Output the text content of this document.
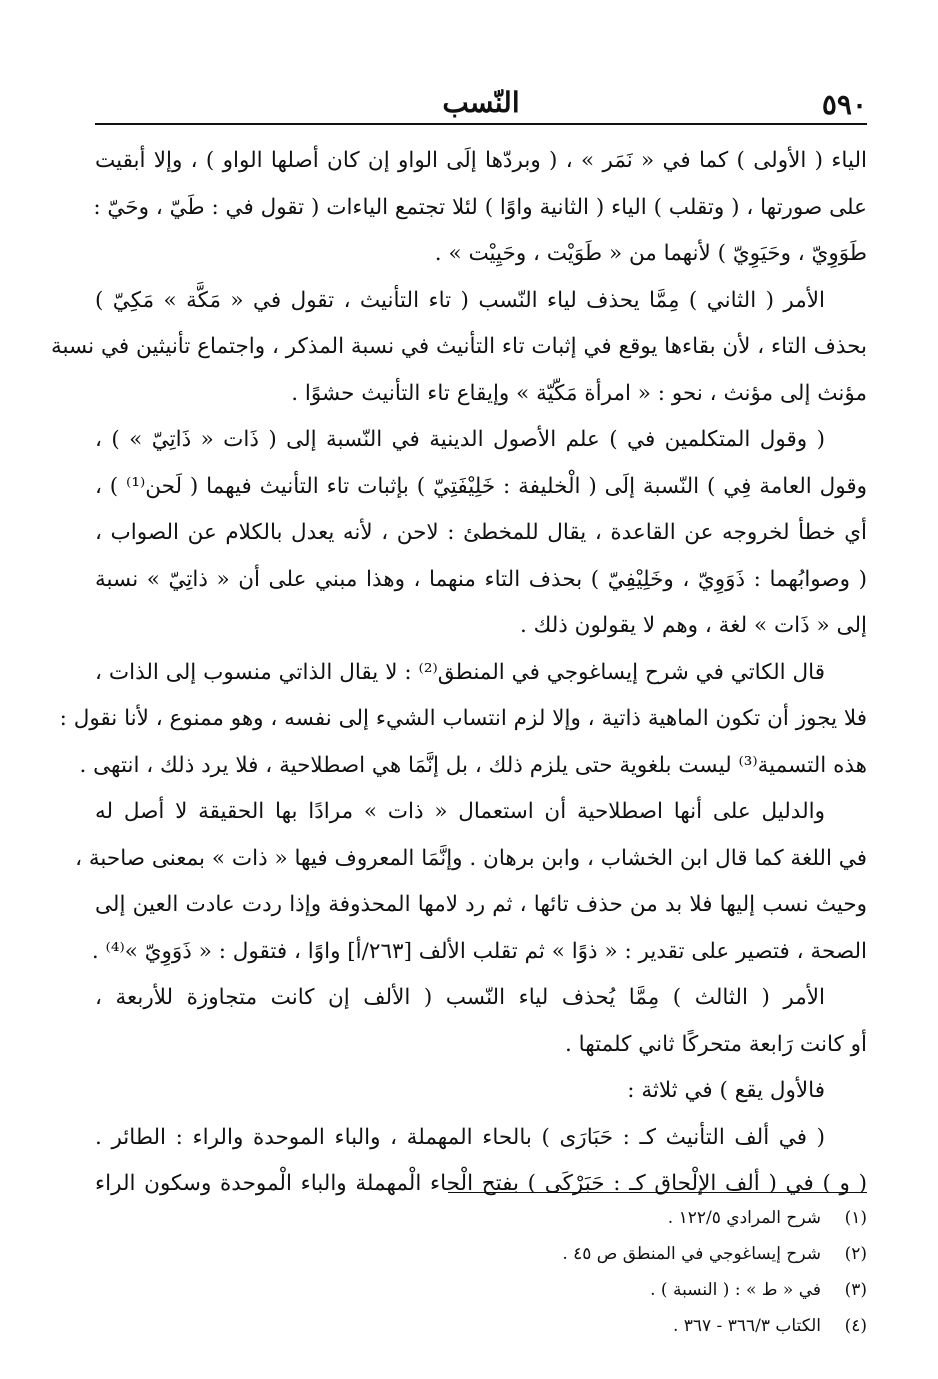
٥٩٠
النّسب
الياء ( الأولى ) كما في « نَمَر » ، ( وبردّها إلَى الواو إن كان أصلها الواو ) ، وإلا أبقيت
على صورتها ، ( وتقلب ) الياء ( الثانية واوًا ) لئلا تجتمع الياءات ( تقول في : طَيّ ، وحَيّ :
طَوَوِيّ ، وحَيَوِيّ ) لأنهما من « طَوَيْت ، وحَيِيْت » .
الأمر ( الثاني ) مِمَّا يحذف لياء النّسب ( تاء التأنيث ، تقول في « مَكَّة » مَكِيّ )
بحذف التاء ، لأن بقاءها يوقع في إثبات تاء التأنيث في نسبة المذكر ، واجتماع تأنيثين في نسبة
مؤنث إلى مؤنث ، نحو : « امرأة مَكّيّة » وإيقاع تاء التأنيث حشوًا .
( وقول المتكلمين في ) علم الأصول الدينية في النّسبة إلى ( ذَات « ذَاتِيّ » ) ،
وقول العامة فِي ) النّسبة إلَى ( الْخليفة : خَلِيْفَتِيّ ) بإثبات تاء التأنيث فيهما ( لَحن⁽¹⁾ ) ،
أي خطأ لخروجه عن القاعدة ، يقال للمخطئ : لاحن ، لأنه يعدل بالكلام عن الصواب ،
( وصوابُهما : ذَوَوِيّ ، وخَلِيْفِيّ ) بحذف التاء منهما ، وهذا مبني على أن « ذاتِيّ » نسبة
إلى « ذَات » لغة ، وهم لا يقولون ذلك .
قال الكاتي في شرح إيساغوجي في المنطق⁽²⁾ : لا يقال الذاتي منسوب إلى الذات ،
فلا يجوز أن تكون الماهية ذاتية ، وإلا لزم انتساب الشيء إلى نفسه ، وهو ممنوع ، لأنا نقول :
هذه التسمية⁽³⁾ ليست بلغوية حتى يلزم ذلك ، بل إنَّمَا هي اصطلاحية ، فلا يرد ذلك ، انتهى .
والدليل على أنها اصطلاحية أن استعمال « ذات » مرادًا بها الحقيقة لا أصل له
في اللغة كما قال ابن الخشاب ، وابن برهان . وإنَّمَا المعروف فيها « ذات » بمعنى صاحبة ،
وحيث نسب إليها فلا بد من حذف تائها ، ثم رد لامها المحذوفة وإذا ردت عادت العين إلى
الصحة ، فتصير على تقدير : « ذوًا » ثم تقلب الألف [٢٦٣/أ] واوًا ، فتقول : « ذَوَوِيّ »⁽⁴⁾ .
الأمر ( الثالث ) مِمَّا يُحذف لياء النّسب ( الألف إن كانت متجاوزة للأربعة ،
أو كانت رَابعة متحركًا ثاني كلمتها .
فالأول يقع ) في ثلاثة :
( في ألف التأنيث كـ : حَبَارَى ) بالحاء المهملة ، والباء الموحدة والراء : الطائر .
( و ) في ( ألف الإلْحاق كـ : حَبَرْكَى ) بفتح الْحاء الْمهملة والباء الْموحدة وسكون الراء
(١)شرح المرادي ١٢٢/٥ .
(٢)شرح إيساغوجي في المنطق ص ٤٥ .
(٣)في « ط » : ( النسبة ) .
(٤)الكتاب ٣٦٦/٣ - ٣٦٧ .
